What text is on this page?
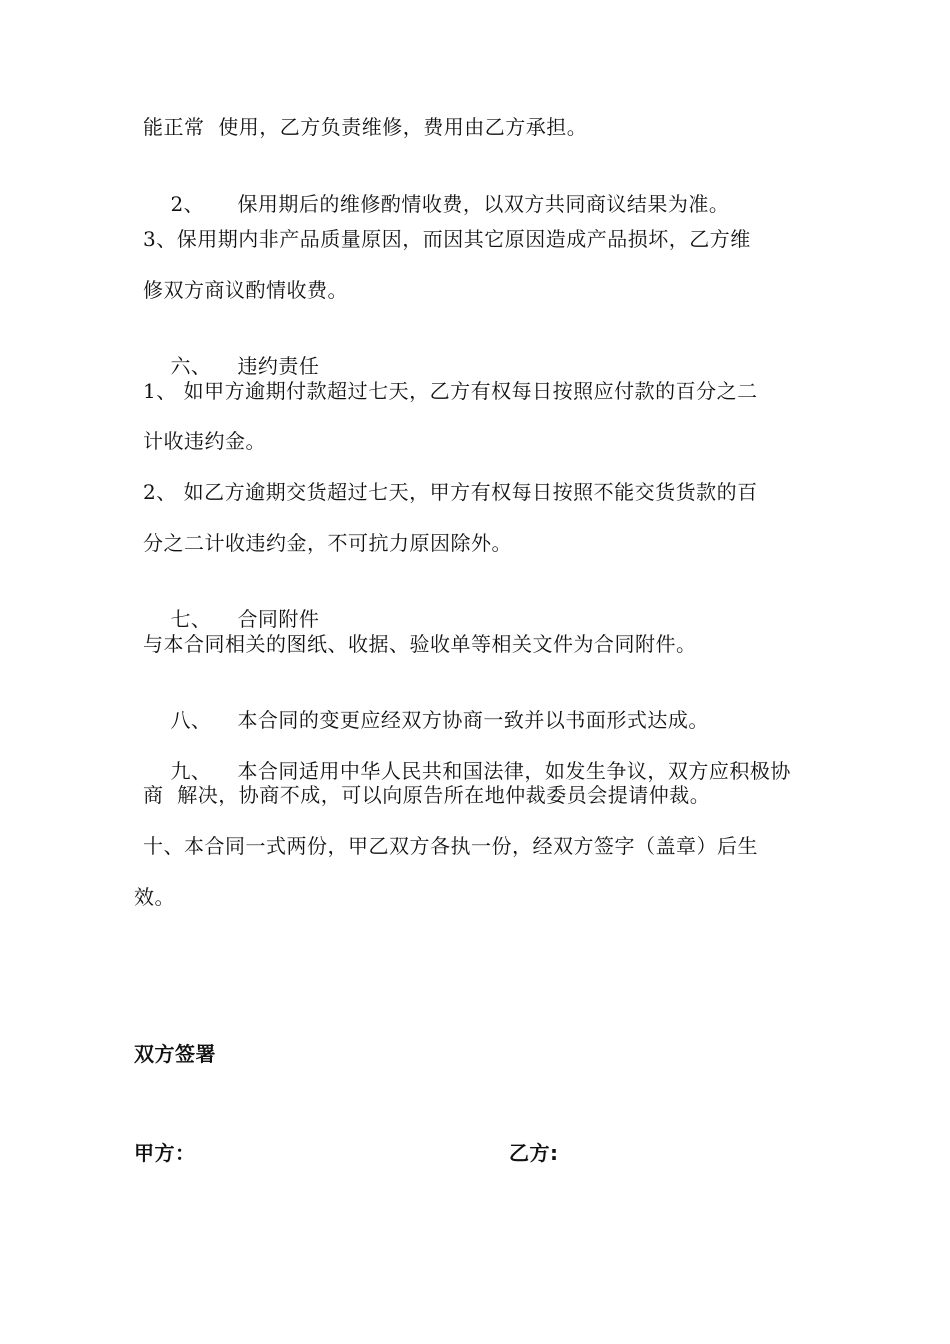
能正常  使用，乙方负责维修，费用由乙方承担。

2、 保用期后的维修酌情收费，以双方共同商议结果为准。

3、保用期内非产品质量原因，而因其它原因造成产品损坏，乙方维
修双方商议酌情收费。

六、 违约责任

1、 如甲方逾期付款超过七天，乙方有权每日按照应付款的百分之二
计收违约金。
2、 如乙方逾期交货超过七天，甲方有权每日按照不能交货货款的百
分之二计收违约金，不可抗力原因除外。

七、 合同附件

与本合同相关的图纸、收据、验收单等相关文件为合同附件。

八、 本合同的变更应经双方协商一致并以书面形式达成。

九、 本合同适用中华人民共和国法律，如发生争议，双方应积极协

商  解决，协商不成，可以向原告所在地仲裁委员会提请仲裁。
十、本合同一式两份，甲乙双方各执一份，经双方签字（盖章）后生
效。
双方签署
甲方：	乙方:
